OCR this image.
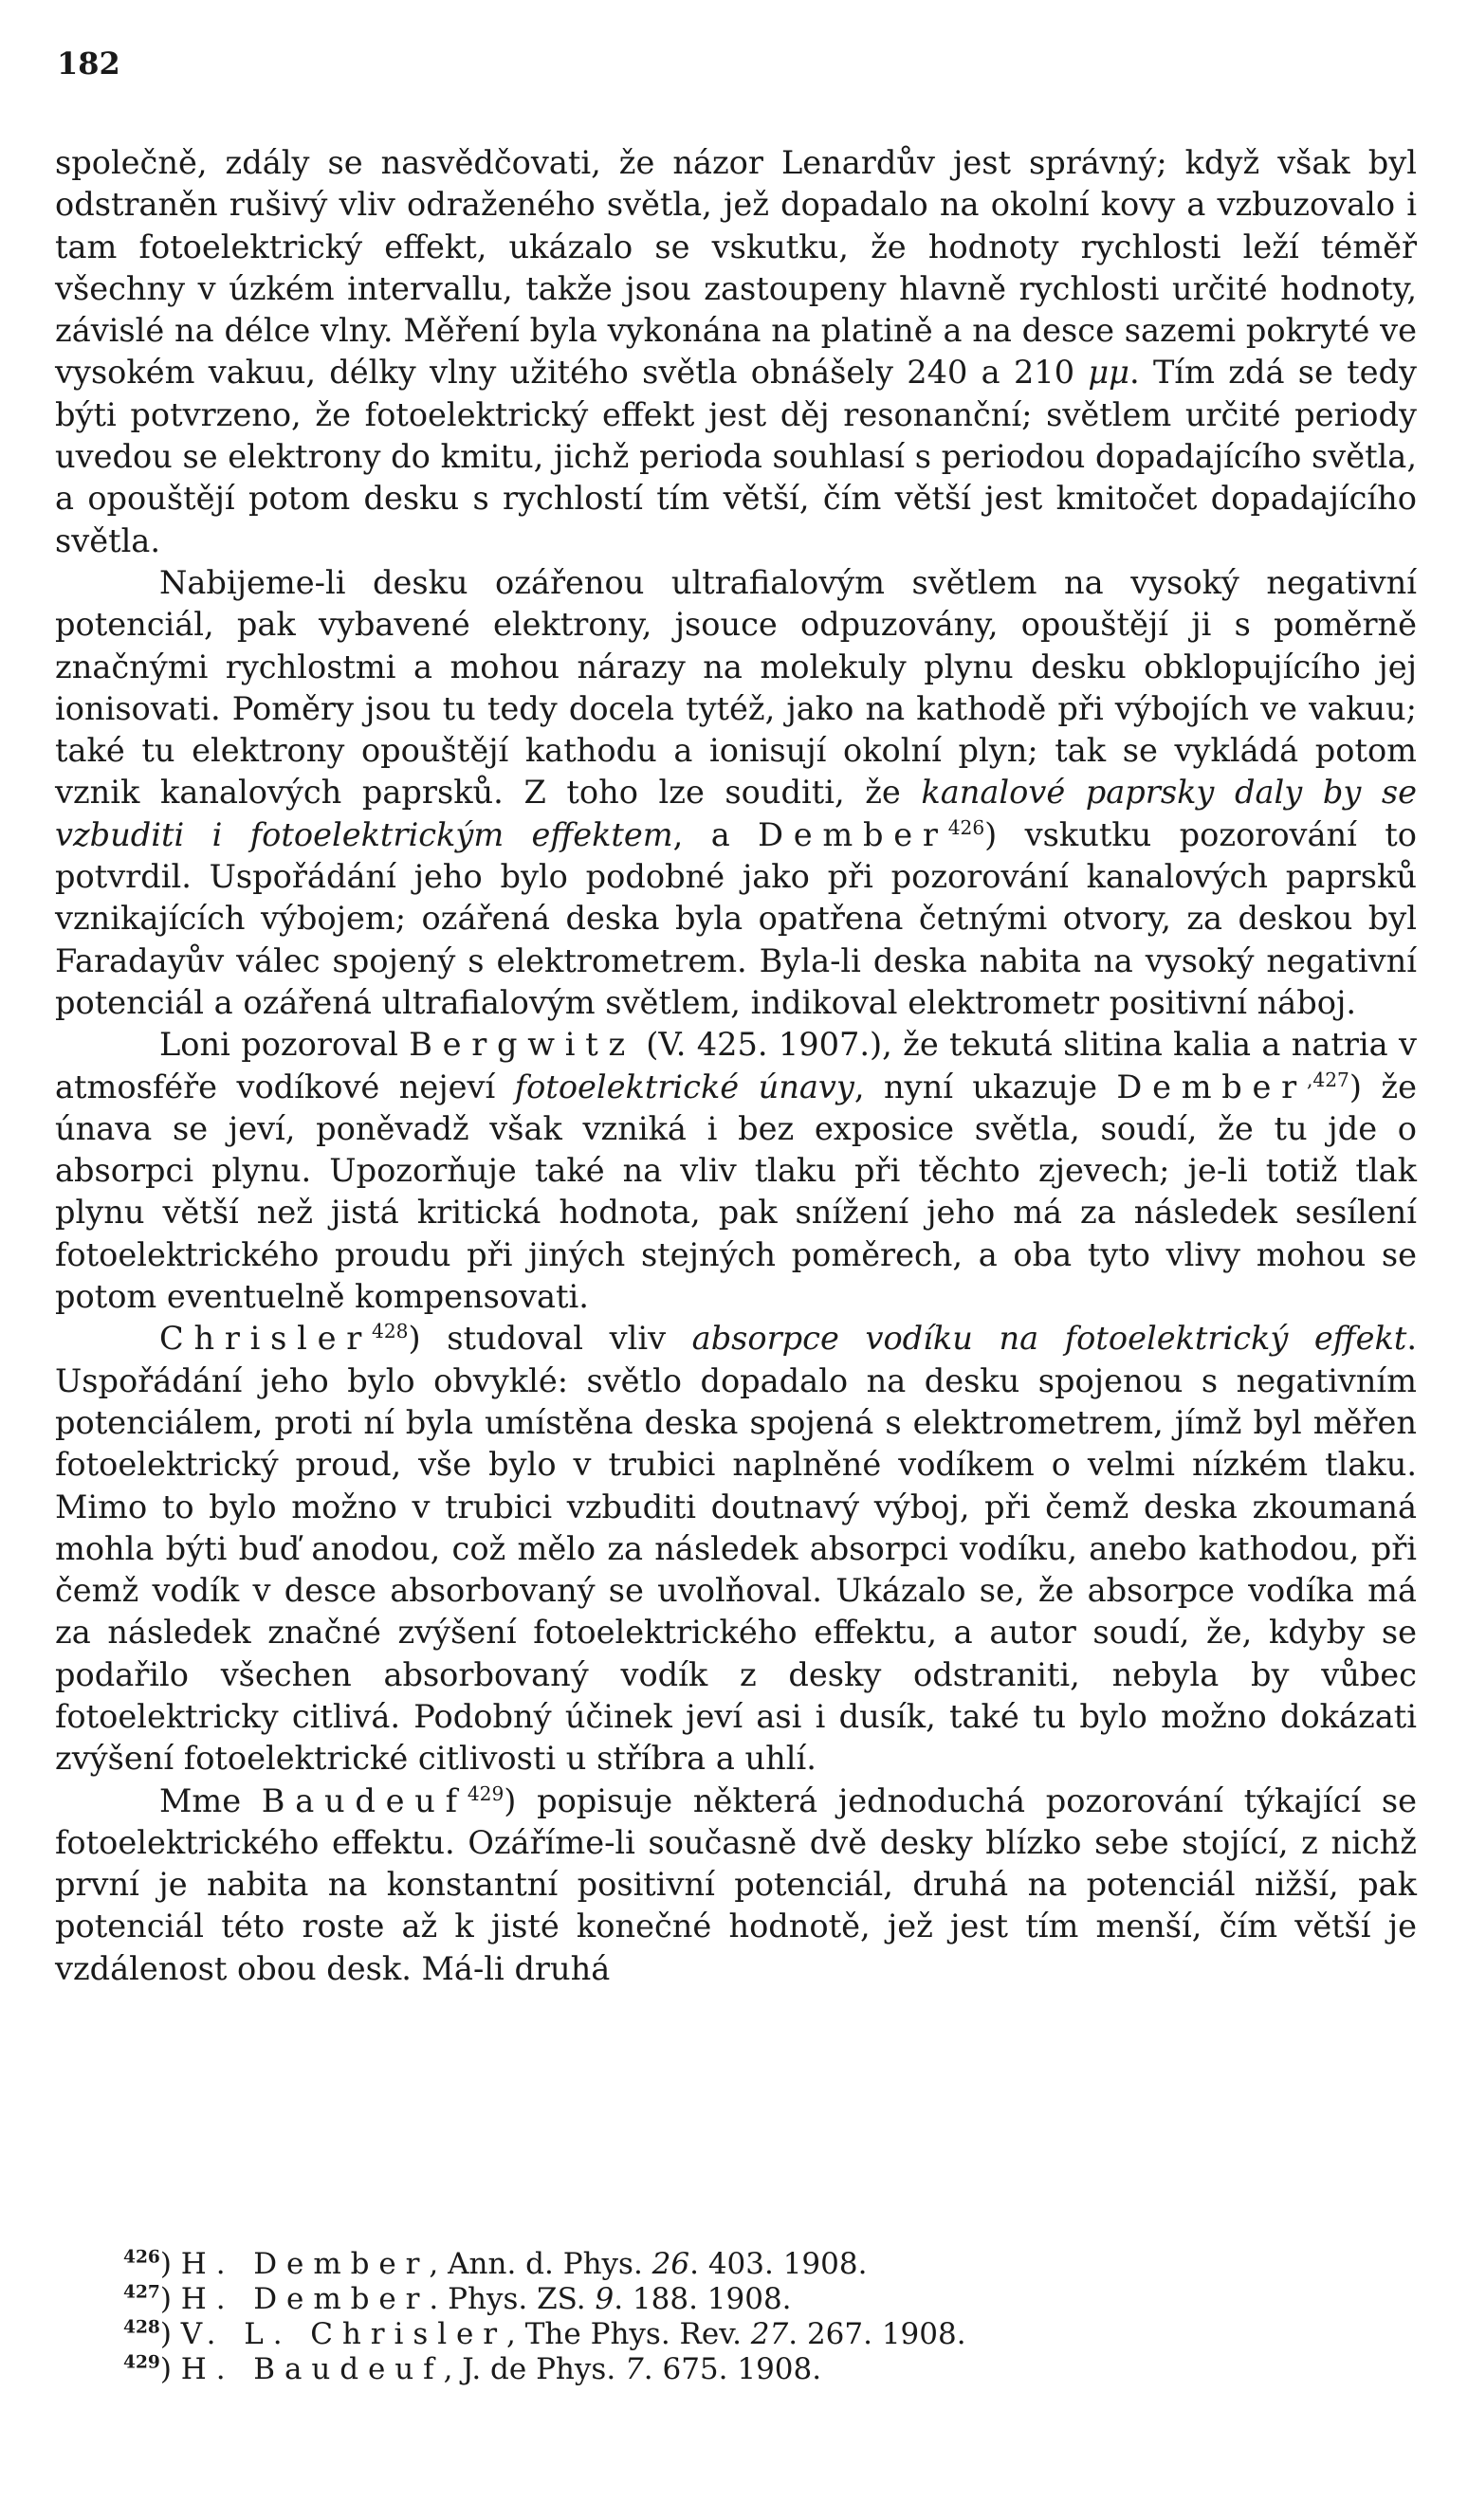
182

společně, zdály se nasvědčovati, že názor Lenardův jest správný; když však byl odstraněn rušivý vliv odraženého světla, jež dopadalo na okolní kovy a vzbuzovalo i tam fotoelektrický effekt, ukázalo se vskutku, že hodnoty rychlosti leží téměř všechny v úzkém intervallu, takže jsou zastoupeny hlavně rychlosti určité hodnoty, závislé na délce vlny. Měření byla vykonána na platině a na desce sazemi pokryté ve vysokém vakuu, délky vlny užitého světla obnášely 240 a 210 μμ. Tím zdá se tedy býti potvrzeno, že fotoelektrický effekt jest děj resonanční; světlem určité periody uvedou se elektrony do kmitu, jichž perioda souhlasí s periodou dopadajícího světla, a opouštějí potom desku s rychlostí tím větší, čím větší jest kmitočet dopadajícího světla.

Nabijeme-li desku ozářenou ultrafialovým světlem na vysoký negativní potenciál, pak vybavené elektrony, jsouce odpuzovány, opouštějí ji s poměrně značnými rychlostmi a mohou nárazy na molekuly plynu desku obklopujícího jej ionisovati. Poměry jsou tu tedy docela tytéž, jako na kathodě při výbojích ve vakuu; také tu elektrony opouštějí kathodu a ionisují okolní plyn; tak se vykládá potom vznik kanalových paprsků. Z toho lze souditi, že kanalové paprsky daly by se vzbuditi i fotoelektrickým effektem, a Dember$^{426}$) vskutku pozorování to potvrdil. Uspořádání jeho bylo podobné jako při pozorování kanalových paprsků vznikajících výbojem; ozářená deska byla opatřena četnými otvory, za deskou byl Faradayův válec spojený s elektrometrem. Byla-li deska nabita na vysoký negativní potenciál a ozářená ultrafialovým světlem, indikoval elektrometr positivní náboj.

Loni pozoroval Bergwitz (V. 425. 1907.), že tekutá slitina kalia a natria v atmosféře vodíkové nejeví fotoelektrické únavy, nyní ukazuje Dember$^{,427}$) že únava se jeví, poněvadž však vzniká i bez exposice světla, soudí, že tu jde o absorpci plynu. Upozorňuje také na vliv tlaku při těchto zjevech; je-li totiž tlak plynu větší než jistá kritická hodnota, pak snížení jeho má za následek sesílení fotoelektrického proudu při jiných stejných poměrech, a oba tyto vlivy mohou se potom eventuelně kompensovati.

Chrisler$^{428}$) studoval vliv absorpce vodíku na fotoelektrický effekt. Uspořádání jeho bylo obvyklé: světlo dopadalo na desku spojenou s negativním potenciálem, proti ní byla umístěna deska spojená s elektrometrem, jímž byl měřen fotoelektrický proud, vše bylo v trubici naplněné vodíkem o velmi nízkém tlaku. Mimo to bylo možno v trubici vzbuditi doutnavý výboj, při čemž deska zkoumaná mohla býti buď anodou, což mělo za následek absorpci vodíku, anebo kathodou, při čemž vodík v desce absorbovaný se uvolňoval. Ukázalo se, že absorpce vodíka má za následek značné zvýšení fotoelektrického effektu, a autor soudí, že, kdyby se podařilo všechen absorbovaný vodík z desky odstraniti, nebyla by vůbec fotoelektricky citlivá. Podobný účinek jeví asi i dusík, také tu bylo možno dokázati zvýšení fotoelektrické citlivosti u stříbra a uhlí.

Mme Baudeuf$^{429}$) popisuje některá jednoduchá pozorování týkající se fotoelektrického effektu. Ozáříme-li současně dvě desky blízko sebe stojící, z nichž první je nabita na konstantní positivní potenciál, druhá na potenciál nižší, pak potenciál této roste až k jisté konečné hodnotě, jež jest tím menší, čím větší je vzdálenost obou desk. Má-li druhá

$^{426}$) H. Dember, Ann. d. Phys. 26. 403. 1908.

$^{427}$) H. Dember. Phys. ZS. 9. 188. 1908.

$^{428}$) V. L. Chrisler, The Phys. Rev. 27. 267. 1908.

$^{429}$) H. Baudeuf, J. de Phys. 7. 675. 1908.
